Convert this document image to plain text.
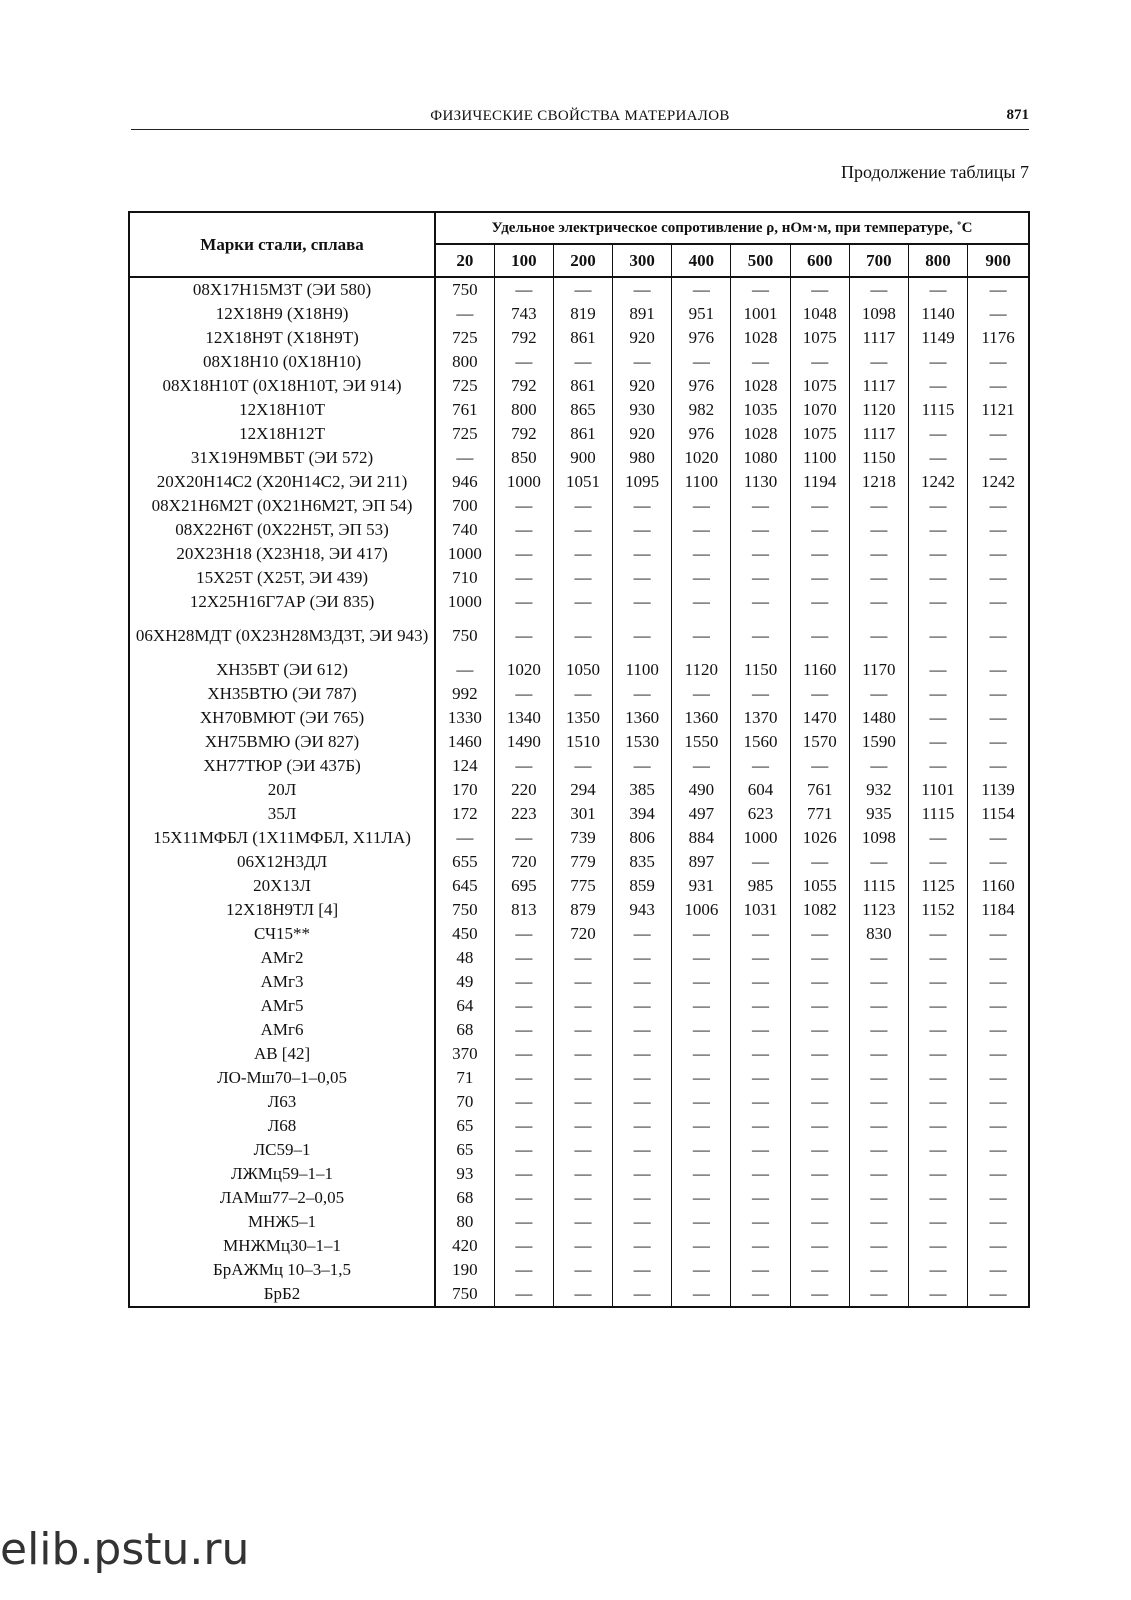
ФИЗИЧЕСКИЕ СВОЙСТВА МАТЕРИАЛОВ	871
Продолжение таблицы 7
Марки стали, сплава	Удельное электрическое сопротивление ρ, нОм·м, при температуре, ˚С									
	20	100	200	300	400	500	600	700	800	900
08Х17Н15М3Т (ЭИ 580)	750	—	—	—	—	—	—	—	—	—
12Х18Н9 (Х18Н9)	—	743	819	891	951	1001	1048	1098	1140	—
12Х18Н9Т (Х18Н9Т)	725	792	861	920	976	1028	1075	1117	1149	1176
08Х18Н10 (0Х18Н10)	800	—	—	—	—	—	—	—	—	—
08Х18Н10Т (0Х18Н10Т, ЭИ 914)	725	792	861	920	976	1028	1075	1117	—	—
12Х18Н10Т	761	800	865	930	982	1035	1070	1120	1115	1121
12Х18Н12Т	725	792	861	920	976	1028	1075	1117	—	—
31Х19Н9МВБТ (ЭИ 572)	—	850	900	980	1020	1080	1100	1150	—	—
20Х20Н14С2 (Х20Н14С2, ЭИ 211)	946	1000	1051	1095	1100	1130	1194	1218	1242	1242
08Х21Н6М2Т (0Х21Н6М2Т, ЭП 54)	700	—	—	—	—	—	—	—	—	—
08Х22Н6Т (0Х22Н5Т, ЭП 53)	740	—	—	—	—	—	—	—	—	—
20Х23Н18 (Х23Н18, ЭИ 417)	1000	—	—	—	—	—	—	—	—	—
15Х25Т (Х25Т, ЭИ 439)	710	—	—	—	—	—	—	—	—	—
12Х25Н16Г7АР (ЭИ 835)	1000	—	—	—	—	—	—	—	—	—
06ХН28МДТ (0Х23Н28М3Д3Т, ЭИ 943)	750	—	—	—	—	—	—	—	—	—
ХН35ВТ (ЭИ 612)	—	1020	1050	1100	1120	1150	1160	1170	—	—
ХН35ВТЮ (ЭИ 787)	992	—	—	—	—	—	—	—	—	—
ХН70ВМЮТ (ЭИ 765)	1330	1340	1350	1360	1360	1370	1470	1480	—	—
ХН75ВМЮ (ЭИ 827)	1460	1490	1510	1530	1550	1560	1570	1590	—	—
ХН77ТЮР (ЭИ 437Б)	124	—	—	—	—	—	—	—	—	—
20Л	170	220	294	385	490	604	761	932	1101	1139
35Л	172	223	301	394	497	623	771	935	1115	1154
15Х11МФБЛ (1Х11МФБЛ, Х11ЛА)	—	—	739	806	884	1000	1026	1098	—	—
06Х12Н3ДЛ	655	720	779	835	897	—	—	—	—	—
20Х13Л	645	695	775	859	931	985	1055	1115	1125	1160
12Х18Н9ТЛ [4]	750	813	879	943	1006	1031	1082	1123	1152	1184
СЧ15**	450	—	720	—	—	—	—	830	—	—
АМг2	48	—	—	—	—	—	—	—	—	—
АМг3	49	—	—	—	—	—	—	—	—	—
АМг5	64	—	—	—	—	—	—	—	—	—
АМг6	68	—	—	—	—	—	—	—	—	—
АВ [42]	370	—	—	—	—	—	—	—	—	—
ЛО-Мш70–1–0,05	71	—	—	—	—	—	—	—	—	—
Л63	70	—	—	—	—	—	—	—	—	—
Л68	65	—	—	—	—	—	—	—	—	—
ЛС59–1	65	—	—	—	—	—	—	—	—	—
ЛЖМц59–1–1	93	—	—	—	—	—	—	—	—	—
ЛАМш77–2–0,05	68	—	—	—	—	—	—	—	—	—
МНЖ5–1	80	—	—	—	—	—	—	—	—	—
МНЖМц30–1–1	420	—	—	—	—	—	—	—	—	—
БрАЖМц 10–3–1,5	190	—	—	—	—	—	—	—	—	—
БрБ2	750	—	—	—	—	—	—	—	—	—
elib.pstu.ru
